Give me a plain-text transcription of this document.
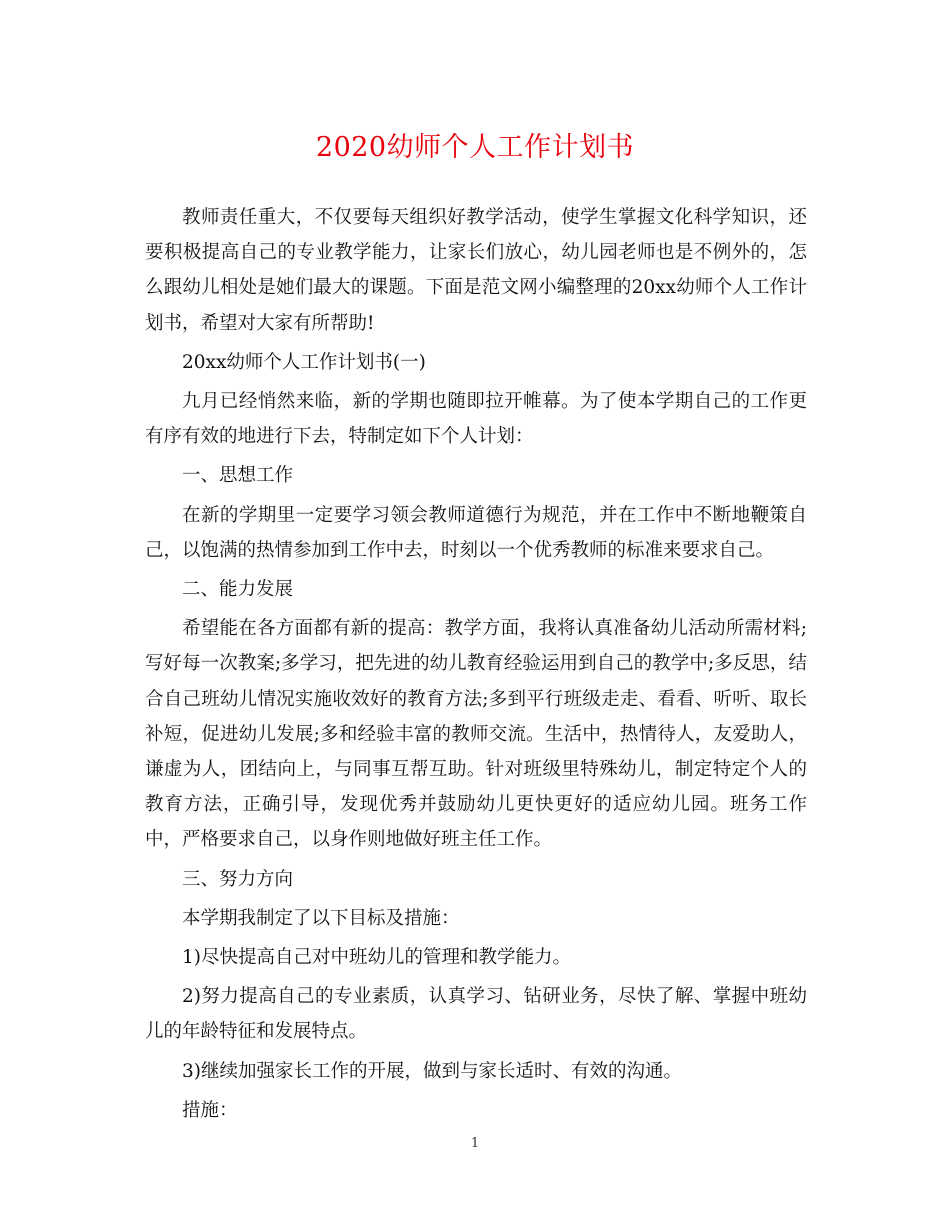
2020幼师个人工作计划书

教师责任重大，不仅要每天组织好教学活动，使学生掌握文化科学知识，还要积极提高自己的专业教学能力，让家长们放心，幼儿园老师也是不例外的，怎么跟幼儿相处是她们最大的课题。下面是范文网小编整理的20xx幼师个人工作计划书，希望对大家有所帮助!

20xx幼师个人工作计划书(一)

九月已经悄然来临，新的学期也随即拉开帷幕。为了使本学期自己的工作更有序有效的地进行下去，特制定如下个人计划：

一、思想工作

在新的学期里一定要学习领会教师道德行为规范，并在工作中不断地鞭策自己，以饱满的热情参加到工作中去，时刻以一个优秀教师的标准来要求自己。

二、能力发展

希望能在各方面都有新的提高：教学方面，我将认真准备幼儿活动所需材料;写好每一次教案;多学习，把先进的幼儿教育经验运用到自己的教学中;多反思，结合自己班幼儿情况实施收效好的教育方法;多到平行班级走走、看看、听听、取长补短，促进幼儿发展;多和经验丰富的教师交流。生活中，热情待人，友爱助人，谦虚为人，团结向上，与同事互帮互助。针对班级里特殊幼儿，制定特定个人的教育方法，正确引导，发现优秀并鼓励幼儿更快更好的适应幼儿园。班务工作中，严格要求自己，以身作则地做好班主任工作。

三、努力方向

本学期我制定了以下目标及措施：

1)尽快提高自己对中班幼儿的管理和教学能力。

2)努力提高自己的专业素质，认真学习、钻研业务，尽快了解、掌握中班幼儿的年龄特征和发展特点。

3)继续加强家长工作的开展，做到与家长适时、有效的沟通。

措施：

1
